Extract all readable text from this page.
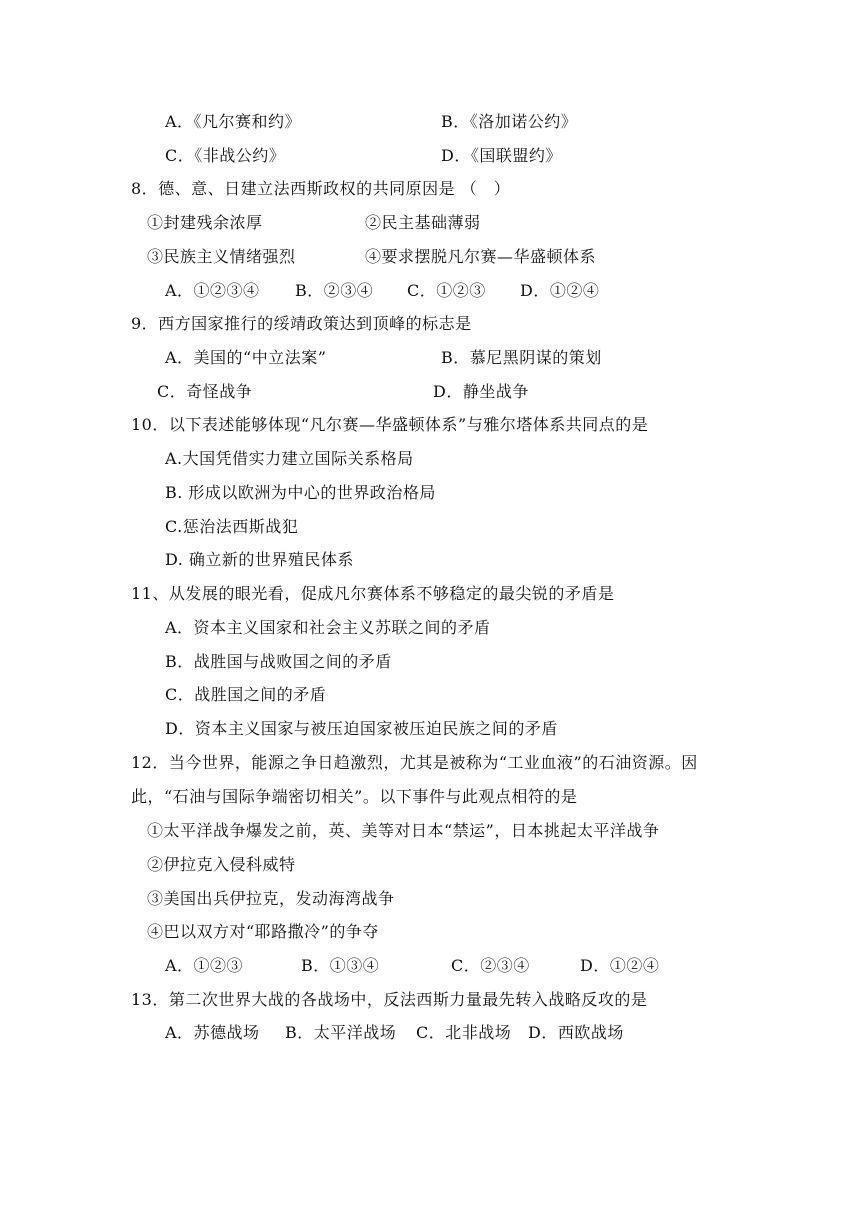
A．《凡尔赛和约》	B．《洛加诺公约》
C．《非战公约》	D．《国联盟约》
8．德、意、日建立法西斯政权的共同原因是 （　）
①封建残余浓厚	②民主基础薄弱
③民族主义情绪强烈	④要求摆脱凡尔赛—华盛顿体系
A．①②③④ B．②③④ C．①②③ D．①②④
9．西方国家推行的绥靖政策达到顶峰的标志是
A．美国的“中立法案”	B．慕尼黑阴谋的策划
C．奇怪战争	D．静坐战争
10．以下表述能够体现“凡尔赛—华盛顿体系”与雅尔塔体系共同点的是
A.大国凭借实力建立国际关系格局
B. 形成以欧洲为中心的世界政治格局
C.惩治法西斯战犯
D. 确立新的世界殖民体系
11、从发展的眼光看，促成凡尔赛体系不够稳定的最尖锐的矛盾是
A．资本主义国家和社会主义苏联之间的矛盾
B．战胜国与战败国之间的矛盾
C．战胜国之间的矛盾
D．资本主义国家与被压迫国家被压迫民族之间的矛盾
12．当今世界，能源之争日趋激烈，尤其是被称为“工业血液”的石油资源。因
此，“石油与国际争端密切相关”。以下事件与此观点相符的是
①太平洋战争爆发之前，英、美等对日本“禁运”，日本挑起太平洋战争
②伊拉克入侵科威特
③美国出兵伊拉克，发动海湾战争
④巴以双方对“耶路撒冷”的争夺
A．①②③	B．①③④	C．②③④	D．①②④
13．第二次世界大战的各战场中，反法西斯力量最先转入战略反攻的是
A．苏德战场 B．太平洋战场 C．北非战场 D．西欧战场
